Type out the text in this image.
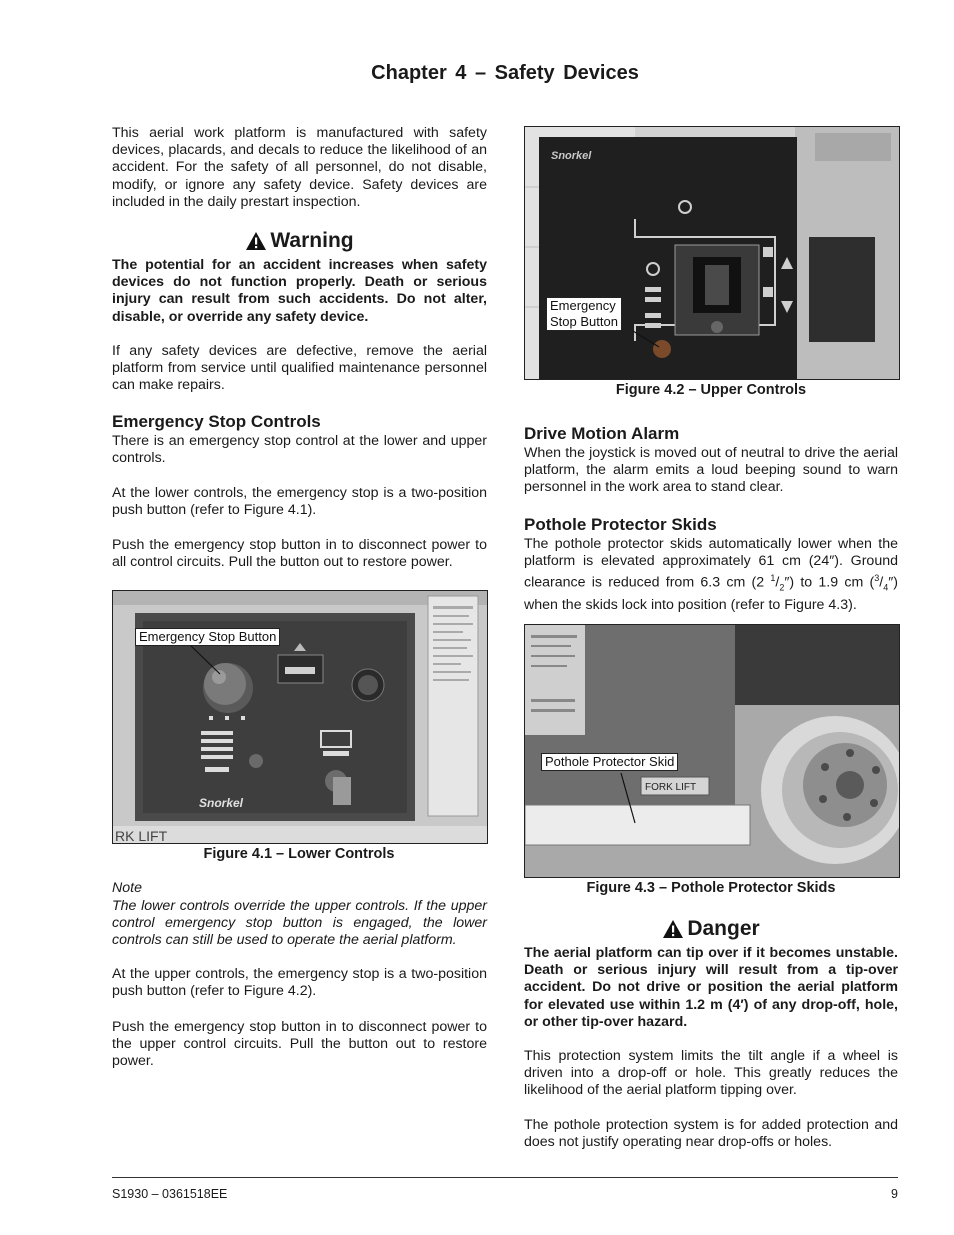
Chapter 4 – Safety Devices

This aerial work platform is manufactured with safety devices, placards, and decals to reduce the likelihood of an accident. For the safety of all personnel, do not disable, modify, or ignore any safety device. Safety devices are included in the daily prestart inspection.

Warning

The potential for an accident increases when safety devices do not function properly. Death or serious injury can result from such accidents. Do not alter, disable, or override any safety device.

If any safety devices are defective, remove the aerial platform from service until qualified maintenance personnel can make repairs.

Emergency Stop Controls

There is an emergency stop control at the lower and upper controls.

At the lower controls, the emergency stop is a two-position push button (refer to Figure 4.1).

Push the emergency stop button in to disconnect power to all control circuits. Pull the button out to restore power.

Snorkel
RK LIFT
Emergency Stop Button
Figure 4.1 – Lower Controls

Note

The lower controls override the upper controls. If the upper control emergency stop button is engaged, the lower controls can still be used to operate the aerial platform.

At the upper controls, the emergency stop is a two-position push button (refer to Figure 4.2).

Push the emergency stop button in to disconnect power to the upper control circuits. Pull the button out to restore power.

Snorkel
Emergency
Stop Button
Figure 4.2 – Upper Controls
Drive Motion Alarm

When the joystick is moved out of neutral to drive the aerial platform, the alarm emits a loud beeping sound to warn personnel in the work area to stand clear.

Pothole Protector Skids

The pothole protector skids automatically lower when the platform is elevated approximately 61 cm (24″). Ground clearance is reduced from 6.3 cm (2 $^1/_2''$) to 1.9 cm $(^3/_4'')$ when the skids lock into position (refer to Figure 4.3).

FORK LIFT
Pothole Protector Skid
Figure 4.3 – Pothole Protector Skids
Danger

The aerial platform can tip over if it becomes unstable. Death or serious injury will result from a tip-over accident. Do not drive or position the aerial platform for elevated use within 1.2 m (4′) of any drop-off, hole, or other tip-over hazard.

This protection system limits the tilt angle if a wheel is driven into a drop-off or hole. This greatly reduces the likelihood of the aerial platform tipping over.

The pothole protection system is for added protection and does not justify operating near drop-offs or holes.

S1930 – 0361518EE	9
